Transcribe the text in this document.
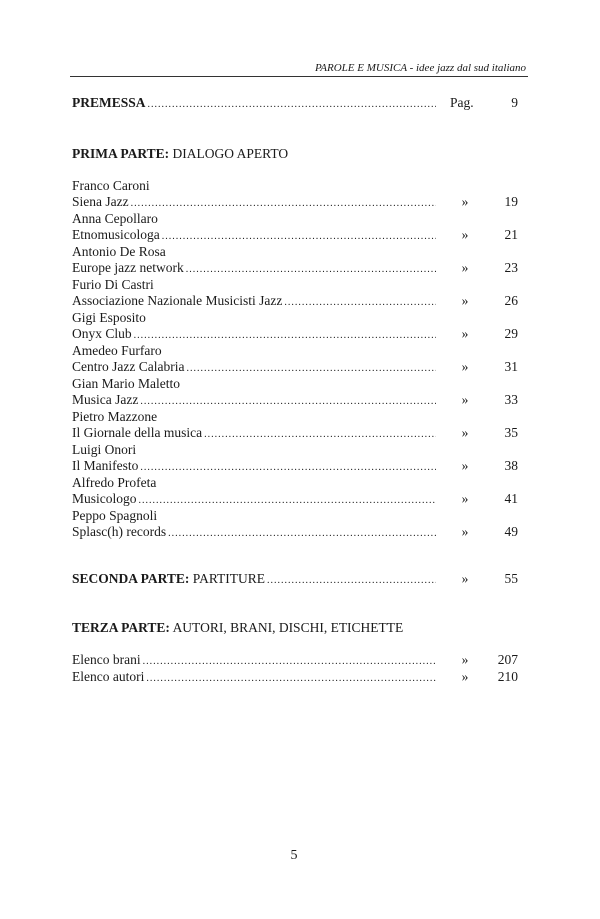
PAROLE E MUSICA - idee jazz dal sud italiano
PREMESSA .....	Pag.	9
PRIMA PARTE: DIALOGO APERTO
Franco Caroni
Siena Jazz .....	»	19
Anna Cepollaro
Etnomusicologa .....	»	21
Antonio De Rosa
Europe jazz network .....	»	23
Furio Di Castri
Associazione Nazionale Musicisti Jazz .....	»	26
Gigi Esposito
Onyx Club .....	»	29
Amedeo Furfaro
Centro Jazz Calabria .....	»	31
Gian Mario Maletto
Musica Jazz .....	»	33
Pietro Mazzone
Il Giornale della musica .....	»	35
Luigi Onori
Il Manifesto .....	»	38
Alfredo Profeta
Musicologo .....	»	41
Peppo Spagnoli
Splasc(h) records .....	»	49
SECONDA PARTE: PARTITURE .....	»	55
TERZA PARTE: AUTORI, BRANI, DISCHI, ETICHETTE
Elenco brani .....	»	207
Elenco autori .....	»	210
5
